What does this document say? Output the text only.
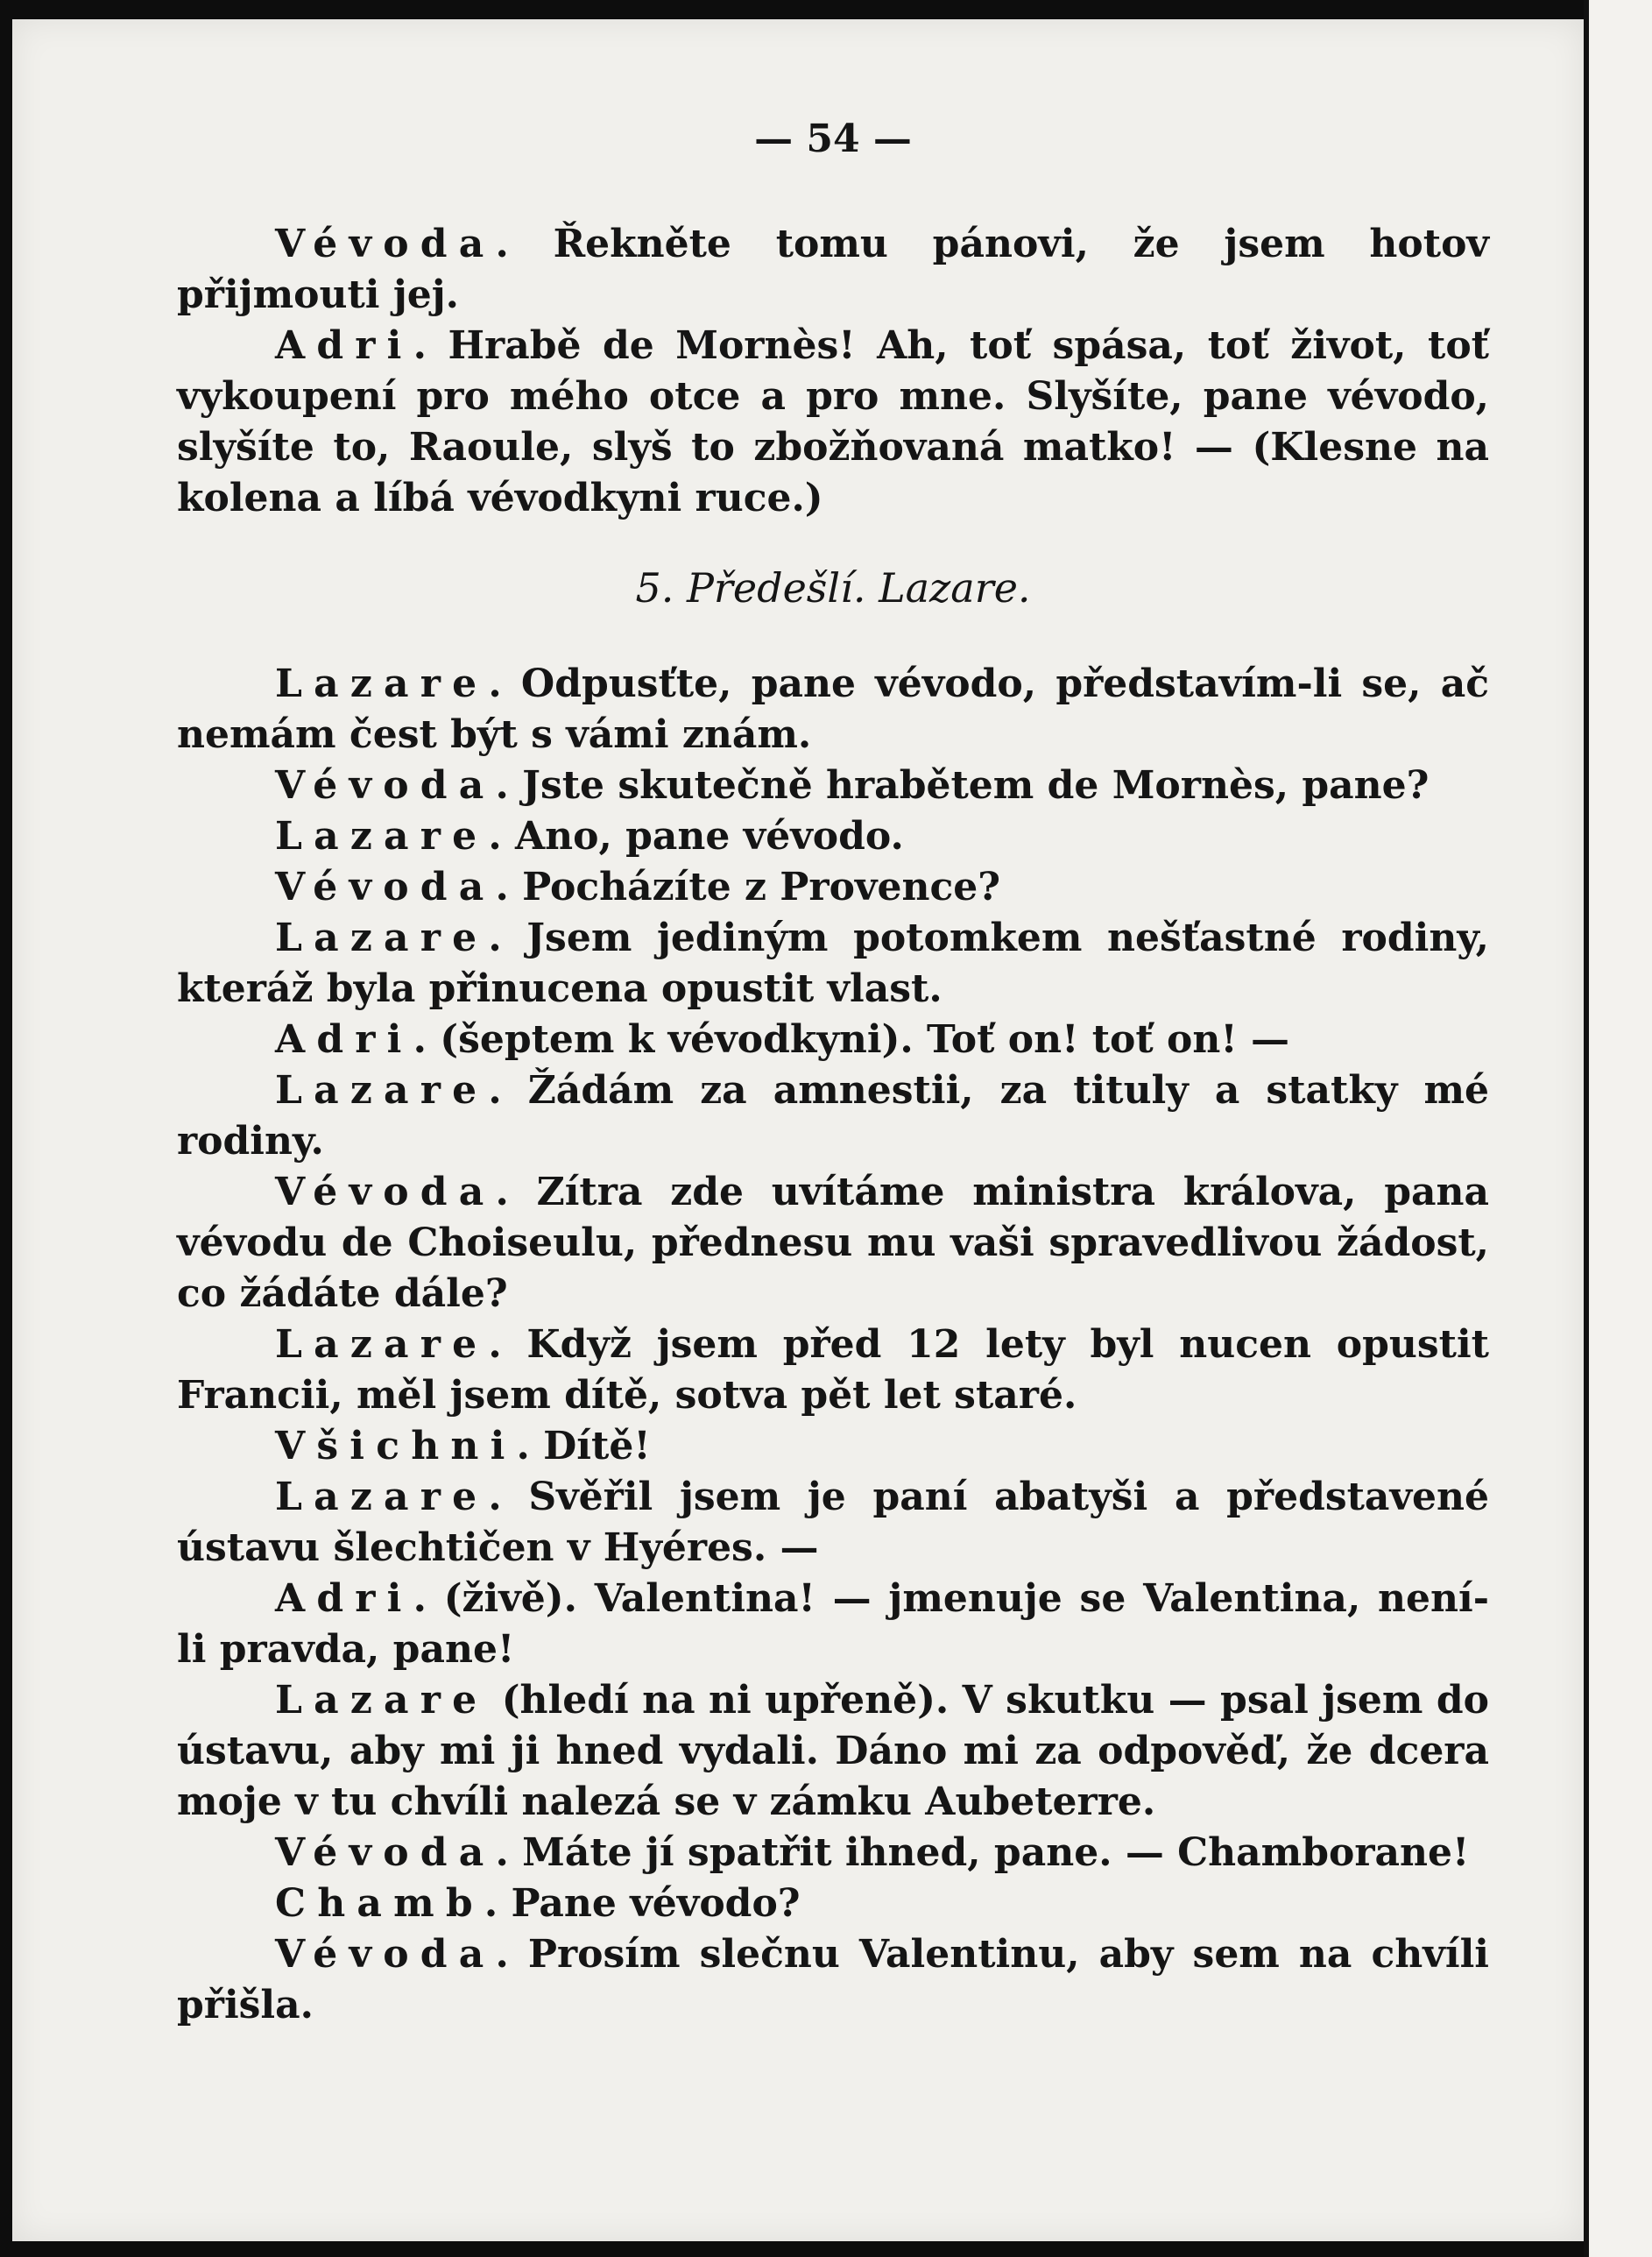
— 54 —

Vévoda. Řekněte tomu pánovi, že jsem hotov přijmouti jej.

Adri. Hrabě de Mornès! Ah, toť spása, toť život, toť vykoupení pro mého otce a pro mne. Slyšíte, pane vévodo, slyšíte to, Raoule, slyš to zbožňovaná matko! — (Klesne na kolena a líbá vévodkyni ruce.)

5. Předešlí. Lazare.

Lazare. Odpusťte, pane vévodo, představím-li se, ač nemám čest být s vámi znám.

Vévoda. Jste skutečně hrabětem de Mornès, pane?

Lazare. Ano, pane vévodo.

Vévoda. Pocházíte z Provence?

Lazare. Jsem jediným potomkem nešťastné rodiny, kteráž byla přinucena opustit vlast.

Adri. (šeptem k vévodkyni). Toť on! toť on! —

Lazare. Žádám za amnestii, za tituly a statky mé rodiny.

Vévoda. Zítra zde uvítáme ministra králova, pana vévodu de Choiseulu, přednesu mu vaši spravedlivou žádost, co žádáte dále?

Lazare. Když jsem před 12 lety byl nucen opustit Francii, měl jsem dítě, sotva pět let staré.

Všichni. Dítě!

Lazare. Svěřil jsem je paní abatyši a představené ústavu šlechtičen v Hyéres. —

Adri. (živě). Valentina! — jmenuje se Valentina, není-li pravda, pane!

Lazare (hledí na ni upřeně). V skutku — psal jsem do ústavu, aby mi ji hned vydali. Dáno mi za odpověď, že dcera moje v tu chvíli nalezá se v zámku Aubeterre.

Vévoda. Máte jí spatřit ihned, pane. — Chamborane!

Chamb. Pane vévodo?

Vévoda. Prosím slečnu Valentinu, aby sem na chvíli přišla.
